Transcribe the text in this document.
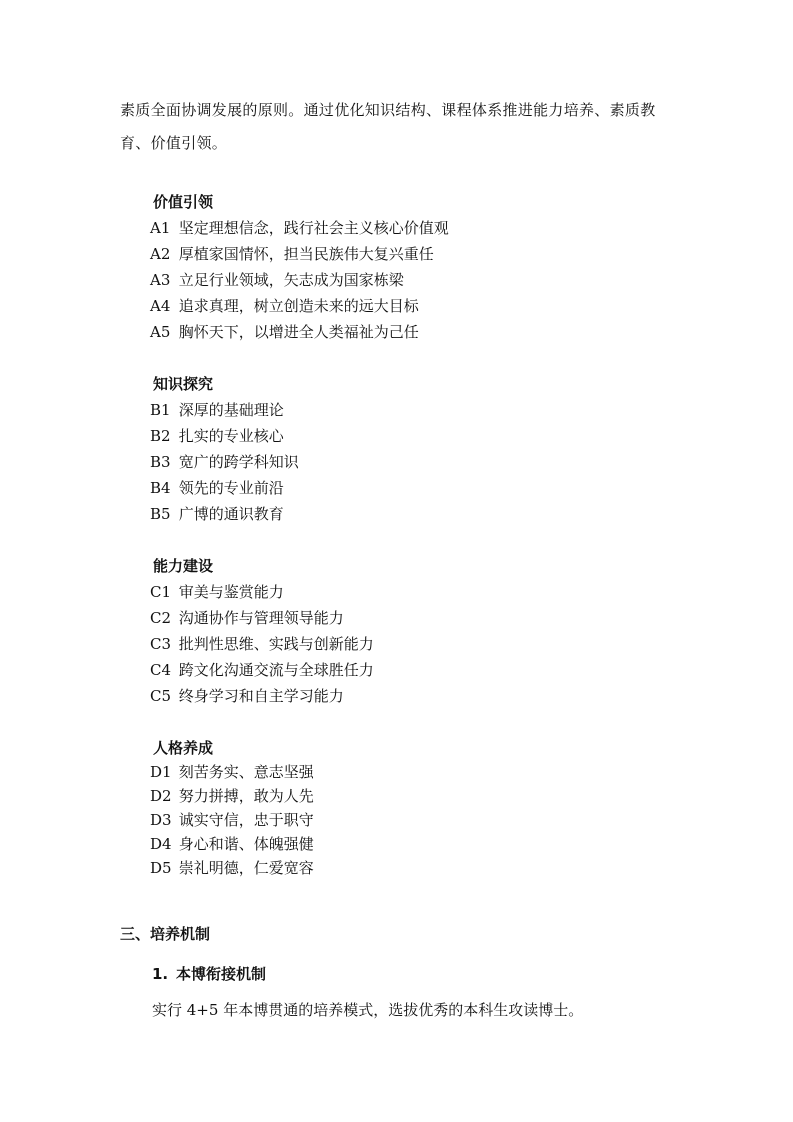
素质全面协调发展的原则。通过优化知识结构、课程体系推进能力培养、素质教
育、价值引领。
价值引领
A1 坚定理想信念，践行社会主义核心价值观
A2 厚植家国情怀，担当民族伟大复兴重任
A3 立足行业领域，矢志成为国家栋梁
A4 追求真理，树立创造未来的远大目标
A5 胸怀天下，以增进全人类福祉为己任
知识探究
B1 深厚的基础理论
B2 扎实的专业核心
B3 宽广的跨学科知识
B4 领先的专业前沿
B5 广博的通识教育
能力建设
C1 审美与鉴赏能力
C2 沟通协作与管理领导能力
C3 批判性思维、实践与创新能力
C4 跨文化沟通交流与全球胜任力
C5 终身学习和自主学习能力
人格养成
D1 刻苦务实、意志坚强
D2 努力拼搏，敢为人先
D3 诚实守信，忠于职守
D4 身心和谐、体魄强健
D5 崇礼明德，仁爱宽容
三、培养机制
1. 本博衔接机制
实行 4+5 年本博贯通的培养模式，选拔优秀的本科生攻读博士。
